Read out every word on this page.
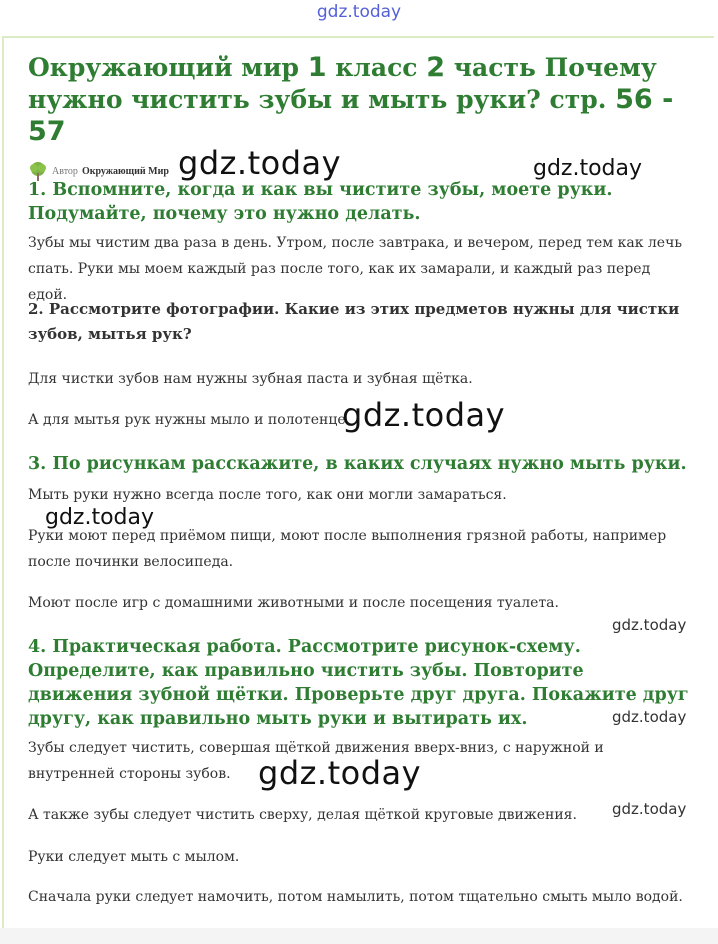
gdz.today
Окружающий мир 1 класс 2 часть Почему нужно чистить зубы и мыть руки? стр. 56 - 57
Автор Окружающий Мир

1. Вспомните, когда и как вы чистите зубы, моете руки. Подумайте, почему это нужно делать.

Зубы мы чистим два раза в день. Утром, после завтрака, и вечером, перед тем как лечь спать. Руки мы моем каждый раз после того, как их замарали, и каждый раз перед едой.

2. Рассмотрите фотографии. Какие из этих предметов нужны для чистки зубов, мытья рук?

Для чистки зубов нам нужны зубная паста и зубная щётка.

А для мытья рук нужны мыло и полотенце.

3. По рисункам расскажите, в каких случаях нужно мыть руки.

Мыть руки нужно всегда после того, как они могли замараться.

Руки моют перед приёмом пищи, моют после выполнения грязной работы, например после починки велосипеда.

Моют после игр с домашними животными и после посещения туалета.

4. Практическая работа. Рассмотрите рисунок-схему. Определите, как правильно чистить зубы. Повторите движения зубной щётки. Проверьте друг друга. Покажите друг другу, как правильно мыть руки и вытирать их.

Зубы следует чистить, совершая щёткой движения вверх-вниз, с наружной и внутренней стороны зубов.

А также зубы следует чистить сверху, делая щёткой круговые движения.

Руки следует мыть с мылом.

Сначала руки следует намочить, потом намылить, потом тщательно смыть мыло водой.

gdz.today	gdz.today
gdz.today
gdz.today
gdz.today
gdz.today
gdz.today
gdz.today
